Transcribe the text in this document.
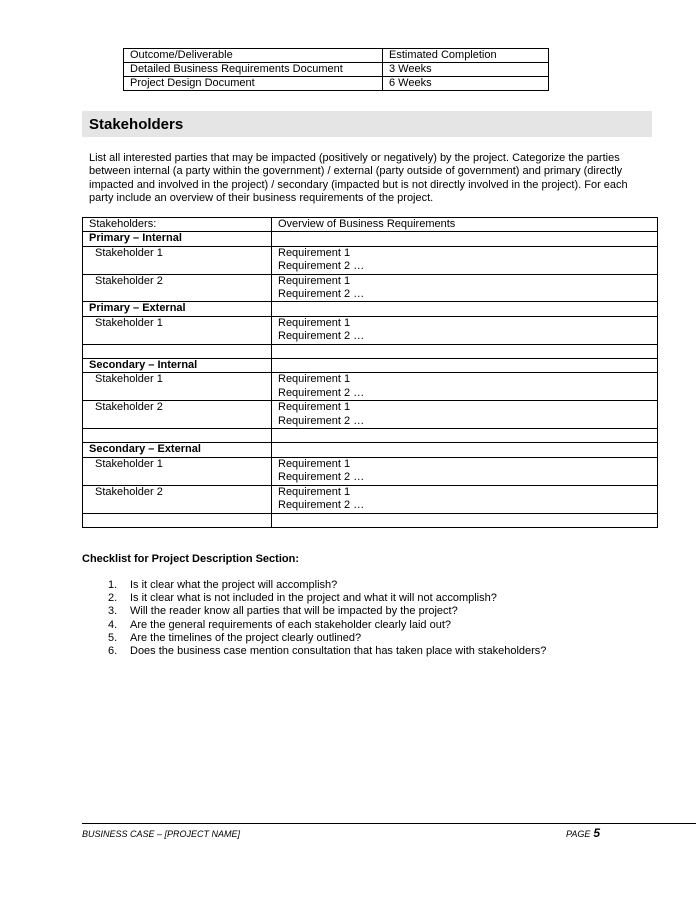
Outcome/Deliverable	Estimated Completion
Detailed Business Requirements Document	3 Weeks
Project Design Document	6 Weeks
Stakeholders

List all interested parties that may be impacted (positively or negatively) by the project. Categorize the parties between internal (a party within the government) / external (party outside of government) and primary (directly impacted and involved in the project) / secondary (impacted but is not directly involved in the project). For each party include an overview of their business requirements of the project.

Stakeholders:	Overview of Business Requirements
Primary – Internal	
Stakeholder 1	Requirement 1
Requirement 2 …

Stakeholder 2	Requirement 1
Requirement 2 …

Primary – External	
Stakeholder 1	Requirement 1
Requirement 2 …

Secondary – Internal	
Stakeholder 1	Requirement 1
Requirement 2 …

Stakeholder 2	Requirement 1
Requirement 2 …

Secondary – External	
Stakeholder 1	Requirement 1
Requirement 2 …

Stakeholder 2	Requirement 1
Requirement 2 …

Checklist for Project Description Section:

1. Is it clear what the project will accomplish?
2. Is it clear what is not included in the project and what it will not accomplish?
3. Will the reader know all parties that will be impacted by the project?
4. Are the general requirements of each stakeholder clearly laid out?
5. Are the timelines of the project clearly outlined?
6. Does the business case mention consultation that has taken place with stakeholders?
BUSINESS CASE – [PROJECT NAME]	PAGE 5
